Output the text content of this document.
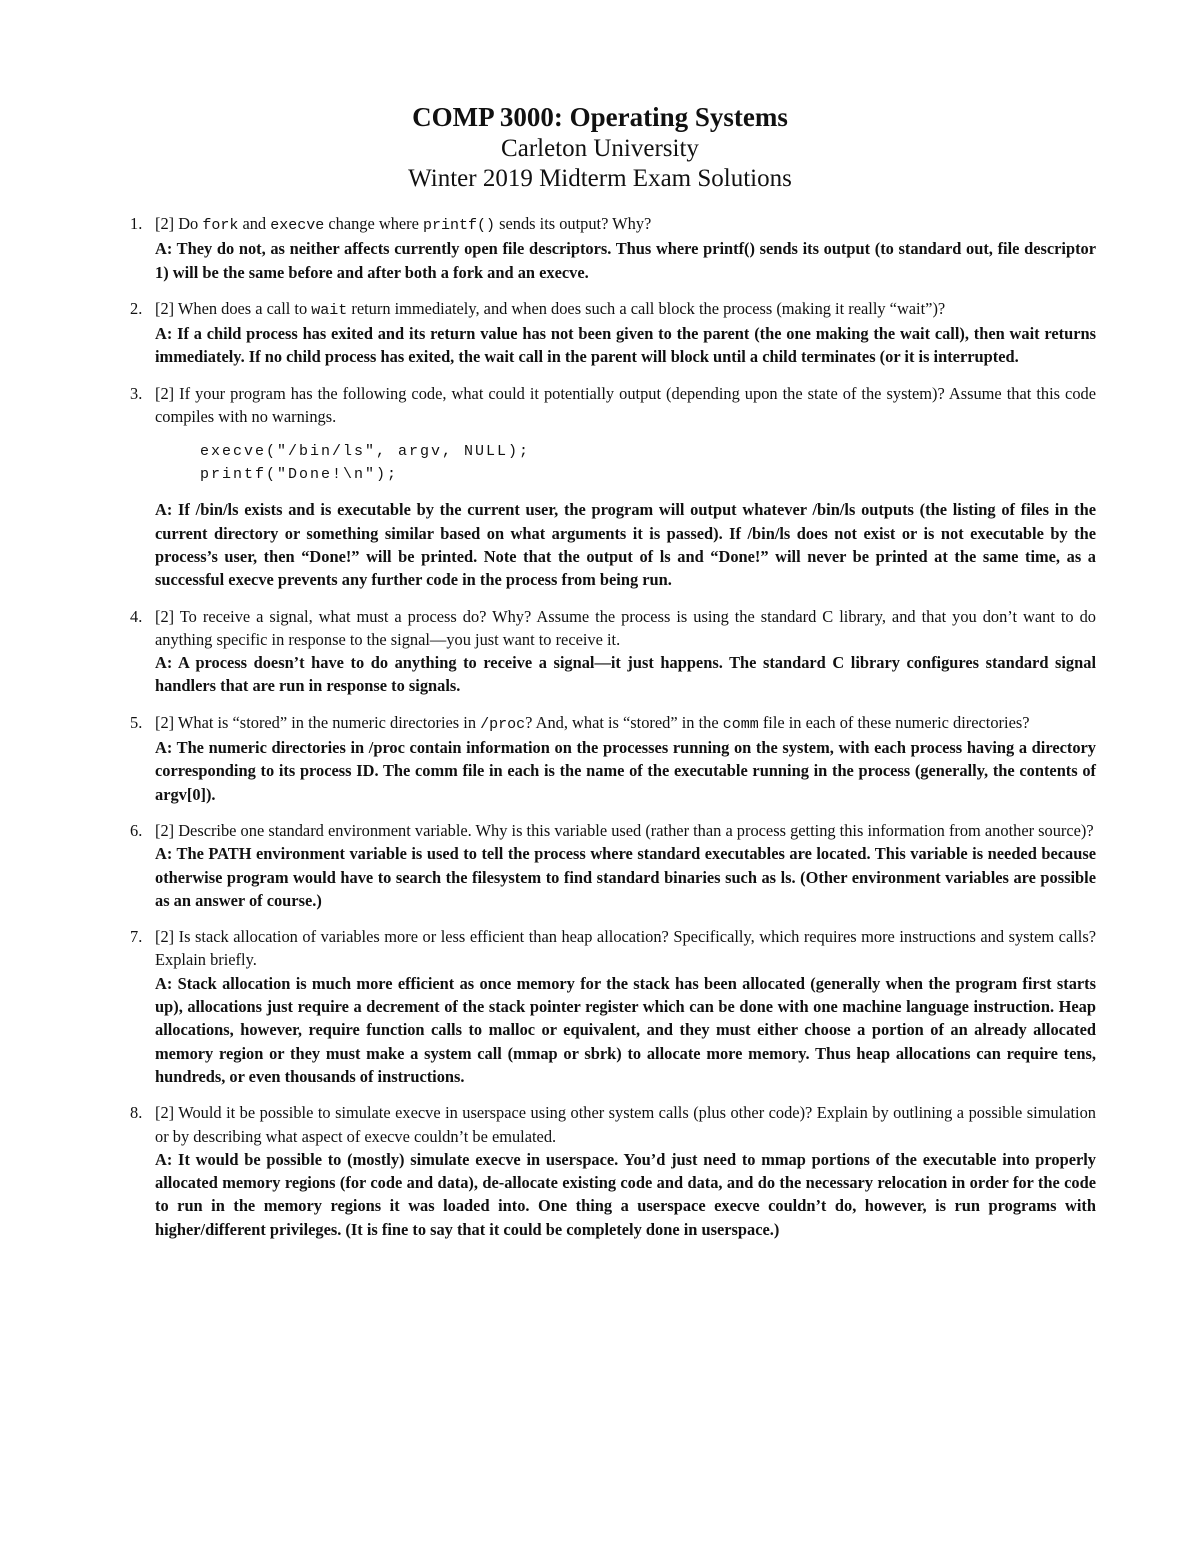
COMP 3000: Operating Systems

Carleton University

Winter 2019 Midterm Exam Solutions

1. [2] Do fork and execve change where printf() sends its output? Why?
A: They do not, as neither affects currently open file descriptors. Thus where printf() sends its output (to standard out, file descriptor 1) will be the same before and after both a fork and an execve.
2. [2] When does a call to wait return immediately, and when does such a call block the process (making it really “wait”)?
A: If a child process has exited and its return value has not been given to the parent (the one making the wait call), then wait returns immediately. If no child process has exited, the wait call in the parent will block until a child terminates (or it is interrupted.
3. [2] If your program has the following code, what could it potentially output (depending upon the state of the system)? Assume that this code compiles with no warnings.
execve("/bin/ls", argv, NULL);
printf("Done!\n");
A: If /bin/ls exists and is executable by the current user, the program will output whatever /bin/ls outputs (the listing of files in the current directory or something similar based on what arguments it is passed). If /bin/ls does not exist or is not executable by the process’s user, then “Done!” will be printed. Note that the output of ls and “Done!” will never be printed at the same time, as a successful execve prevents any further code in the process from being run.
4. [2] To receive a signal, what must a process do? Why? Assume the process is using the standard C library, and that you don’t want to do anything specific in response to the signal—you just want to receive it.
A: A process doesn’t have to do anything to receive a signal—it just happens. The standard C library configures standard signal handlers that are run in response to signals.
5. [2] What is “stored” in the numeric directories in /proc? And, what is “stored” in the comm file in each of these numeric directories?
A: The numeric directories in /proc contain information on the processes running on the system, with each process having a directory corresponding to its process ID. The comm file in each is the name of the executable running in the process (generally, the contents of argv[0]).
6. [2] Describe one standard environment variable. Why is this variable used (rather than a process getting this information from another source)?
A: The PATH environment variable is used to tell the process where standard executables are located. This variable is needed because otherwise program would have to search the filesystem to find standard binaries such as ls. (Other environment variables are possible as an answer of course.)
7. [2] Is stack allocation of variables more or less efficient than heap allocation? Specifically, which requires more instructions and system calls? Explain briefly.
A: Stack allocation is much more efficient as once memory for the stack has been allocated (generally when the program first starts up), allocations just require a decrement of the stack pointer register which can be done with one machine language instruction. Heap allocations, however, require function calls to malloc or equivalent, and they must either choose a portion of an already allocated memory region or they must make a system call (mmap or sbrk) to allocate more memory. Thus heap allocations can require tens, hundreds, or even thousands of instructions.
8. [2] Would it be possible to simulate execve in userspace using other system calls (plus other code)? Explain by outlining a possible simulation or by describing what aspect of execve couldn’t be emulated.
A: It would be possible to (mostly) simulate execve in userspace. You’d just need to mmap portions of the executable into properly allocated memory regions (for code and data), de-allocate existing code and data, and do the necessary relocation in order for the code to run in the memory regions it was loaded into. One thing a userspace execve couldn’t do, however, is run programs with higher/different privileges. (It is fine to say that it could be completely done in userspace.)
